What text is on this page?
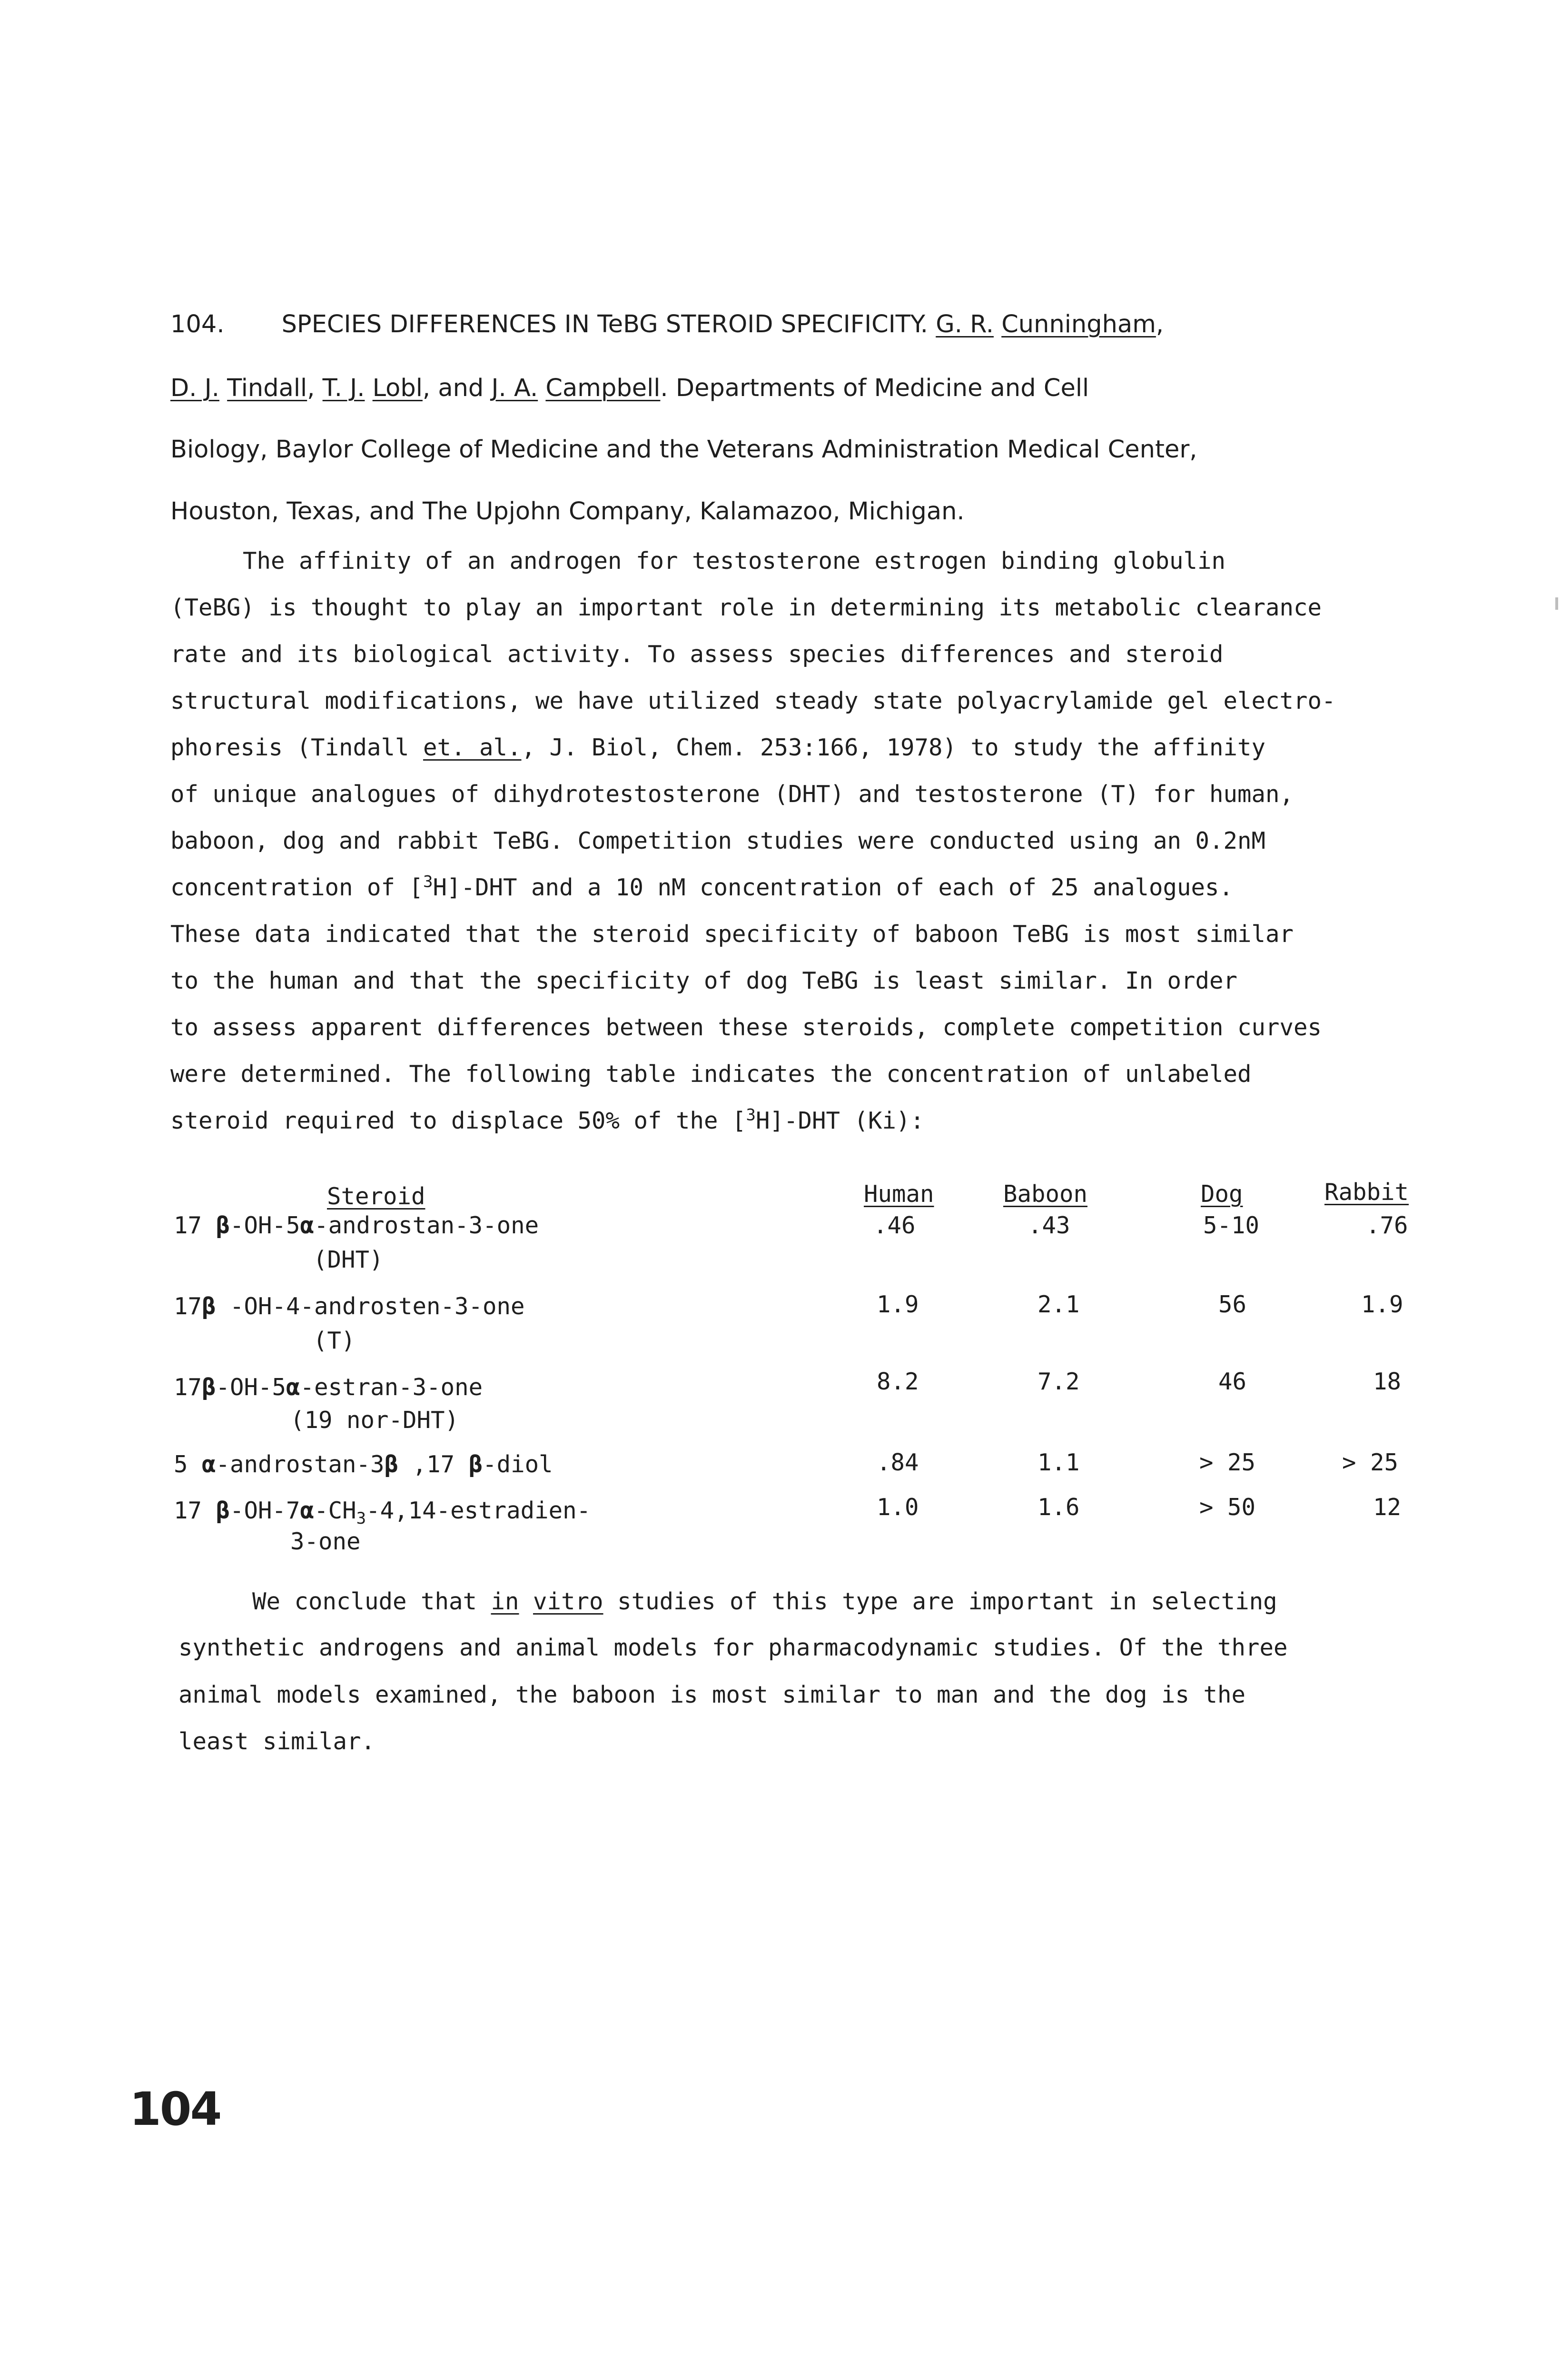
104. SPECIES DIFFERENCES IN TeBG STEROID SPECIFICITY. G. R. Cunningham,
D. J. Tindall, T. J. Lobl, and J. A. Campbell. Departments of Medicine and Cell
Biology, Baylor College of Medicine and the Veterans Administration Medical Center,
Houston, Texas, and The Upjohn Company, Kalamazoo, Michigan.
The affinity of an androgen for testosterone estrogen binding globulin
(TeBG) is thought to play an important role in determining its metabolic clearance
rate and its biological activity. To assess species differences and steroid
structural modifications, we have utilized steady state polyacrylamide gel electro-
phoresis (Tindall et. al., J. Biol, Chem. 253:166, 1978) to study the affinity
of unique analogues of dihydrotestosterone (DHT) and testosterone (T) for human,
baboon, dog and rabbit TeBG. Competition studies were conducted using an 0.2nM
concentration of [$^3$H]-DHT and a 10 nM concentration of each of 25 analogues.
These data indicated that the steroid specificity of baboon TeBG is most similar
to the human and that the specificity of dog TeBG is least similar. In order
to assess apparent differences between these steroids, complete competition curves
were determined. The following table indicates the concentration of unlabeled
steroid required to displace 50% of the [$^3$H]-DHT (Ki):
Steroid	Human	Baboon	Dog	Rabbit
17 β-OH-5α-androstan-3-one
(DHT)
.46	.43	5-10	.76
17β -OH-4-androsten-3-one
(T)
1.9	2.1	56	1.9
17β-OH-5α-estran-3-one
(19 nor-DHT)
8.2	7.2	46	18
5 α-androstan-3β ,17 β-diol	.84	1.1	> 25	> 25
17 $\beta-OH-7\alpha-CH_3-4,14-estradien-$
3-one
1.0	1.6	> 50	12
We conclude that in vitro studies of this type are important in selecting
synthetic androgens and animal models for pharmacodynamic studies. Of the three
animal models examined, the baboon is most similar to man and the dog is the
least similar.
104
